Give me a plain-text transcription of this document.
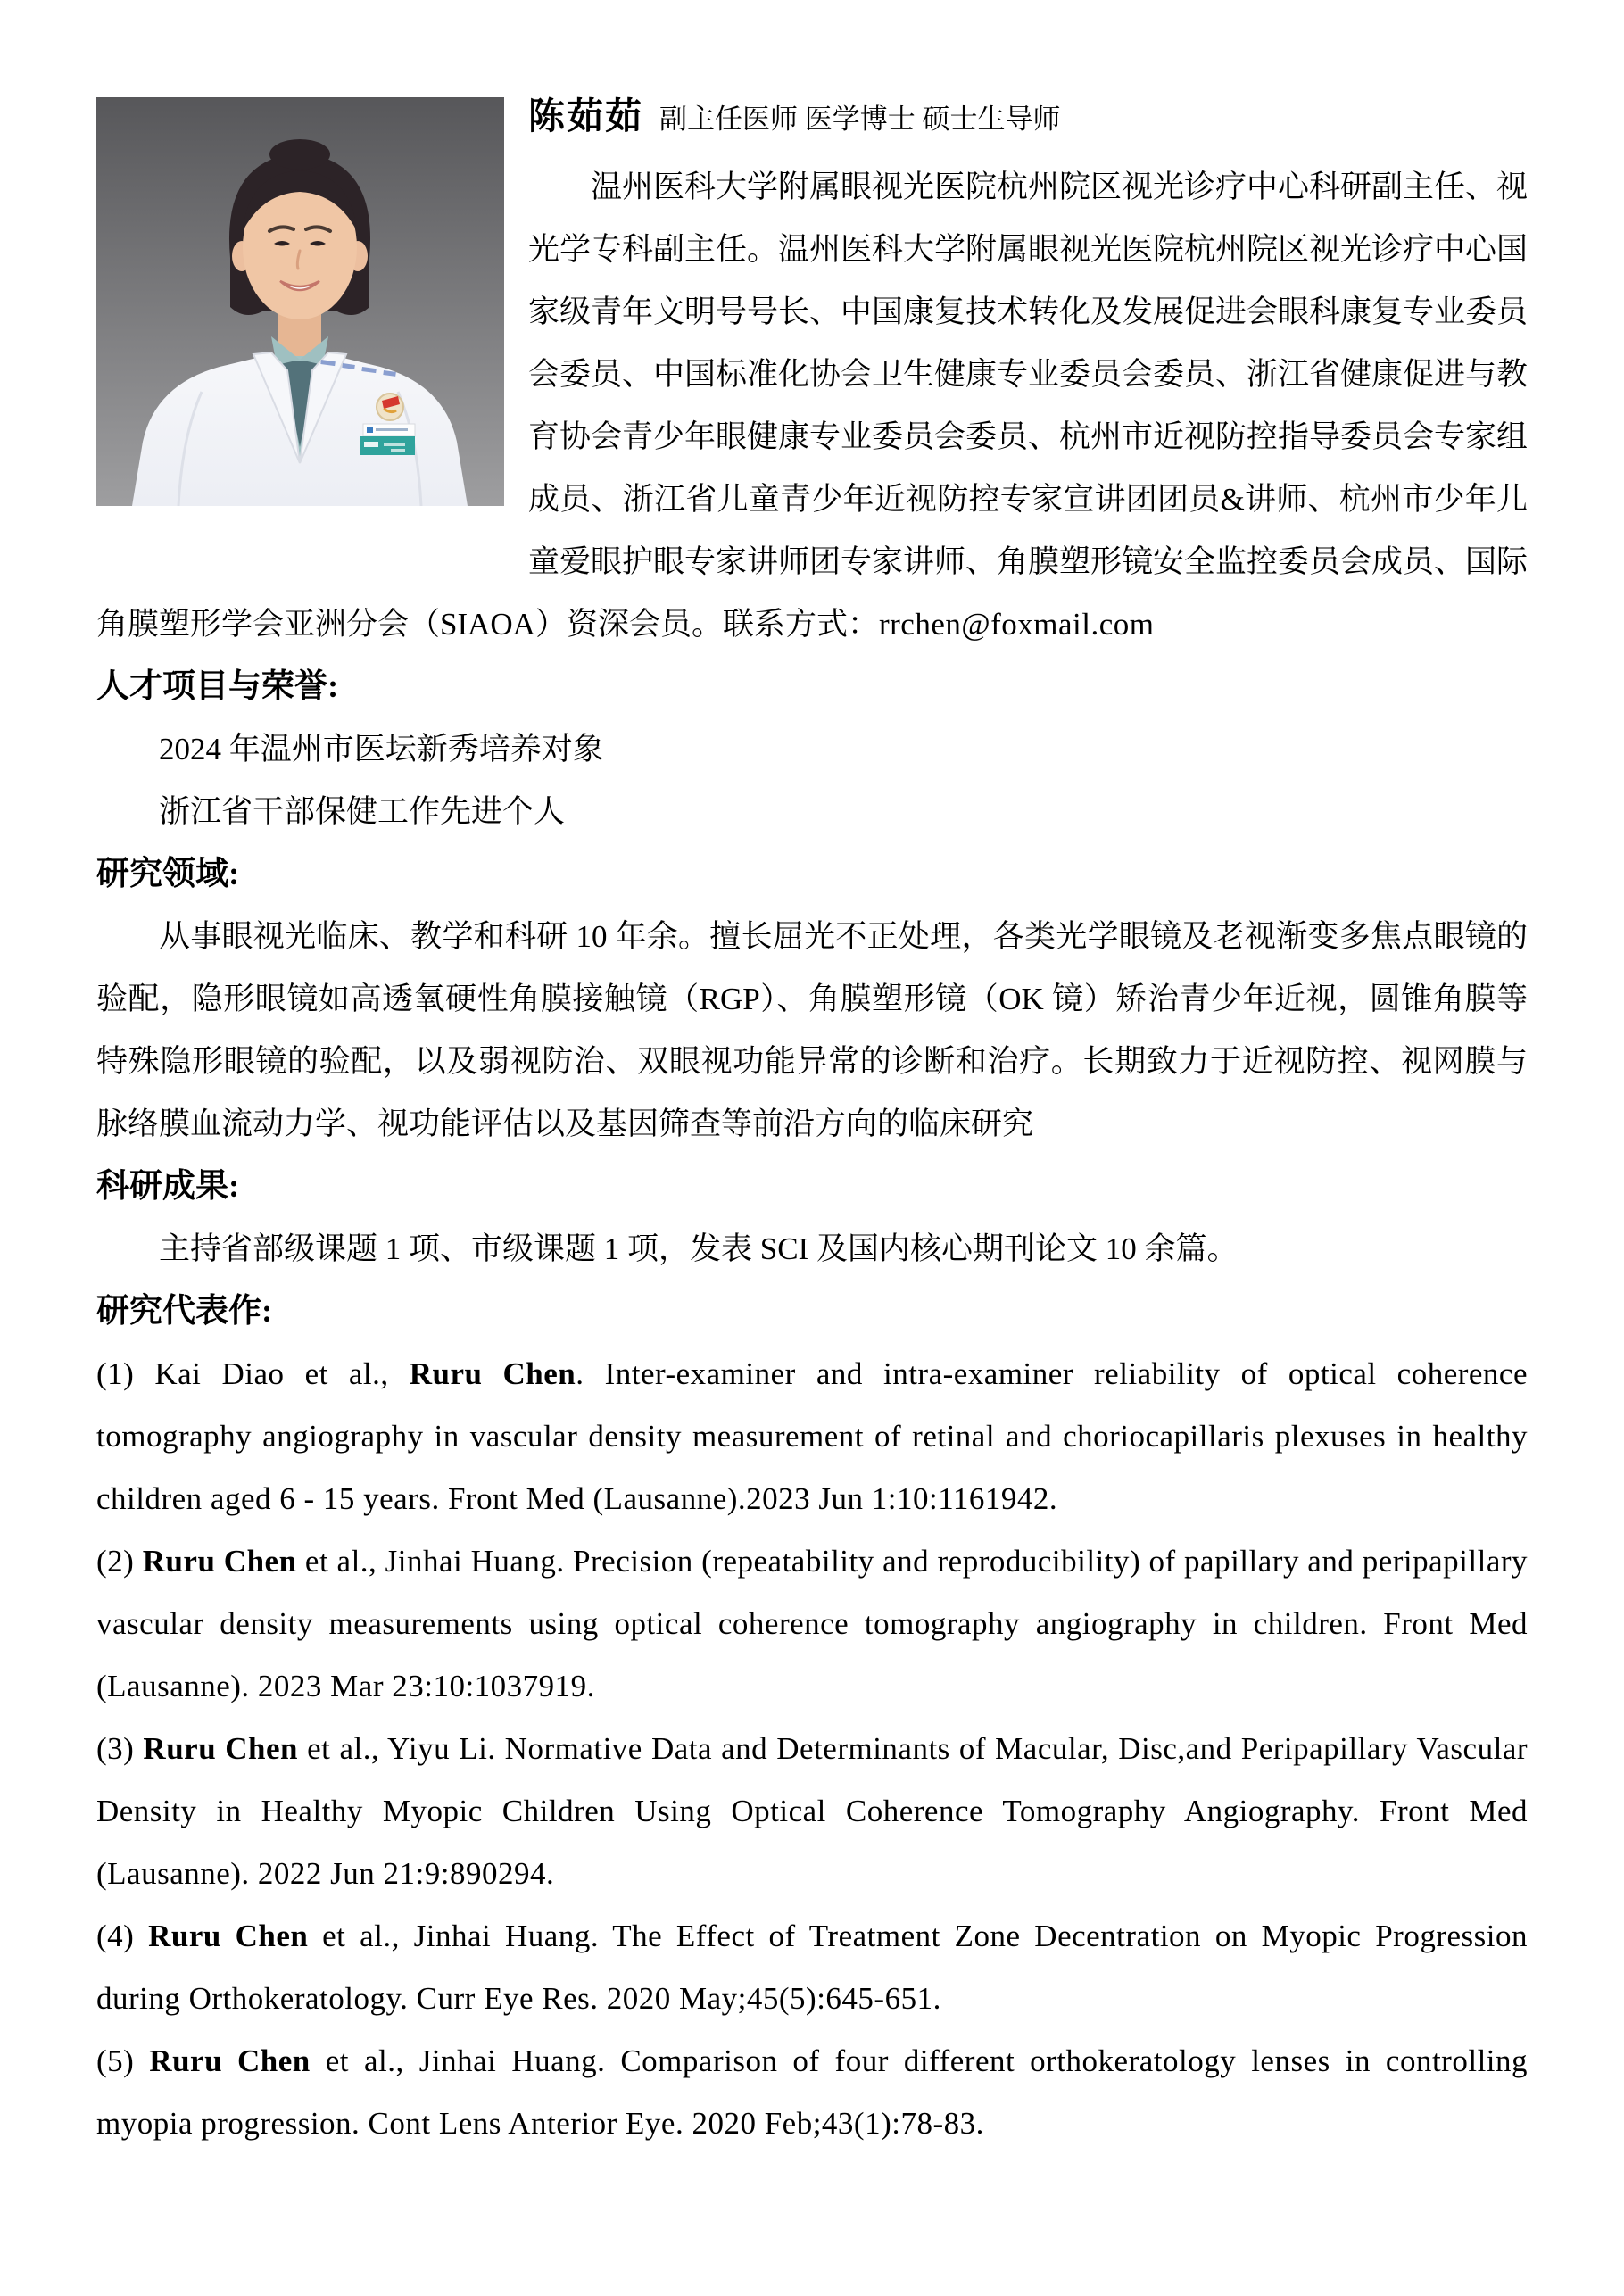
陈茹茹 副主任医师 医学博士 硕士生导师

温州医科大学附属眼视光医院杭州院区视光诊疗中心科研副主任、视光学专科副主任。温州医科大学附属眼视光医院杭州院区视光诊疗中心国家级青年文明号号长、中国康复技术转化及发展促进会眼科康复专业委员会委员、中国标准化协会卫生健康专业委员会委员、浙江省健康促进与教育协会青少年眼健康专业委员会委员、杭州市近视防控指导委员会专家组成员、浙江省儿童青少年近视防控专家宣讲团团员&讲师、杭州市少年儿童爱眼护眼专家讲师团专家讲师、角膜塑形镜安全监控委员会成员、国际角膜塑形学会亚洲分会（SIAOA）资深会员。联系方式：rrchen@foxmail.com

人才项目与荣誉:

2024 年温州市医坛新秀培养对象

浙江省干部保健工作先进个人

研究领域:

从事眼视光临床、教学和科研 10 年余。擅长屈光不正处理，各类光学眼镜及老视渐变多焦点眼镜的验配，隐形眼镜如高透氧硬性角膜接触镜（RGP）、角膜塑形镜（OK 镜）矫治青少年近视，圆锥角膜等特殊隐形眼镜的验配，以及弱视防治、双眼视功能异常的诊断和治疗。长期致力于近视防控、视网膜与脉络膜血流动力学、视功能评估以及基因筛查等前沿方向的临床研究

科研成果:

主持省部级课题 1 项、市级课题 1 项，发表 SCI 及国内核心期刊论文 10 余篇。

研究代表作:

(1) Kai Diao et al., Ruru Chen. Inter-examiner and intra-examiner reliability of optical coherence tomography angiography in vascular density measurement of retinal and choriocapillaris plexuses in healthy children aged 6 - 15 years. Front Med (Lausanne).2023 Jun 1:10:1161942.

(2) Ruru Chen et al., Jinhai Huang. Precision (repeatability and reproducibility) of papillary and peripapillary vascular density measurements using optical coherence tomography angiography in children. Front Med (Lausanne). 2023 Mar 23:10:1037919.

(3) Ruru Chen et al., Yiyu Li. Normative Data and Determinants of Macular, Disc,and Peripapillary Vascular Density in Healthy Myopic Children Using Optical Coherence Tomography Angiography. Front Med (Lausanne). 2022 Jun 21:9:890294.

(4) Ruru Chen et al., Jinhai Huang. The Effect of Treatment Zone Decentration on Myopic Progression during Orthokeratology. Curr Eye Res. 2020 May;45(5):645-651.

(5) Ruru Chen et al., Jinhai Huang. Comparison of four different orthokeratology lenses in controlling myopia progression. Cont Lens Anterior Eye. 2020 Feb;43(1):78-83.
